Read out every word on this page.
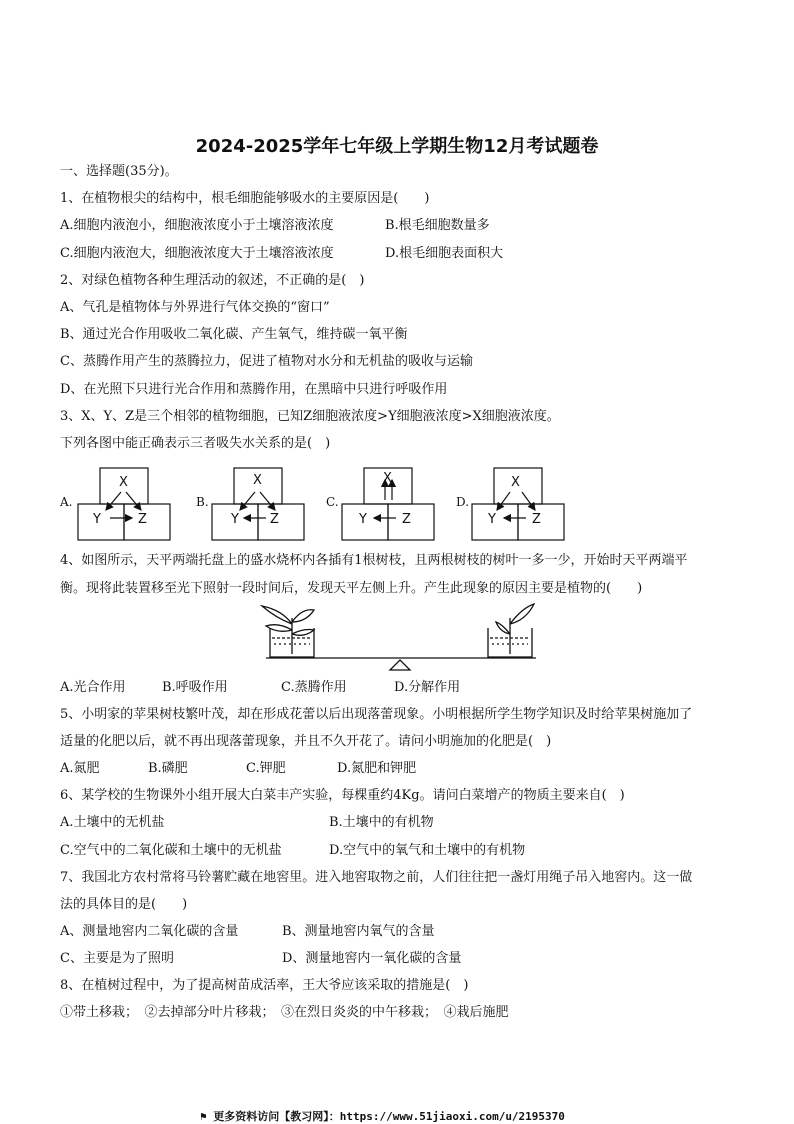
2024-2025学年七年级上学期生物12月考试题卷
一、选择题(35分)。
1、在植物根尖的结构中，根毛细胞能够吸水的主要原因是(　　)
A.细胞内液泡小，细胞液浓度小于土壤溶液浓度	B.根毛细胞数量多
C.细胞内液泡大，细胞液浓度大于土壤溶液浓度	D.根毛细胞表面积大
2、对绿色植物各种生理活动的叙述，不正确的是(　)
A、气孔是植物体与外界进行气体交换的“窗口”
B、通过光合作用吸收二氧化碳、产生氧气，维持碳一氧平衡
C、蒸腾作用产生的蒸腾拉力，促进了植物对水分和无机盐的吸收与运输
D、在光照下只进行光合作用和蒸腾作用，在黑暗中只进行呼吸作用
3、X、Y、Z是三个相邻的植物细胞，已知Z细胞液浓度>Y细胞液浓度>X细胞液浓度。
下列各图中能正确表示三者吸失水关系的是(　)
A.	B.	C.	D.
X
Y	Z
X
Y Z
X
Y	Z
X
Y	Z
4、如图所示，天平两端托盘上的盛水烧杯内各插有1根树枝，且两根树枝的树叶一多一少，开始时天平两端平
衡。现将此装置移至光下照射一段时间后，发现天平左侧上升。产生此现象的原因主要是植物的(　　)
A.光合作用	B.呼吸作用	C.蒸腾作用	D.分解作用
5、小明家的苹果树枝繁叶茂，却在形成花蕾以后出现落蕾现象。小明根据所学生物学知识及时给苹果树施加了
适量的化肥以后，就不再出现落蕾现象，并且不久开花了。请问小明施加的化肥是(　)
A.氮肥	B.磷肥	C.钾肥	D.氮肥和钾肥
6、某学校的生物课外小组开展大白菜丰产实验，每棵重约4Kg。请问白菜增产的物质主要来自(　)
A.土壤中的无机盐	B.土壤中的有机物
C.空气中的二氧化碳和土壤中的无机盐	D.空气中的氧气和土壤中的有机物
7、我国北方农村常将马铃薯贮藏在地窖里。进入地窖取物之前，人们往往把一盏灯用绳子吊入地窖内。这一做
法的具体目的是(　　)
A、测量地窖内二氧化碳的含量	B、测量地窖内氧气的含量
C、主要是为了照明	D、测量地窖内一氧化碳的含量
8、在植树过程中，为了提高树苗成活率，王大爷应该采取的措施是(　)
①带土移栽；　②去掉部分叶片移栽；　③在烈日炎炎的中午移栽；　④栽后施肥
⚑ 更多资料访问【教习网】：https://www.51jiaoxi.com/u/2195370
